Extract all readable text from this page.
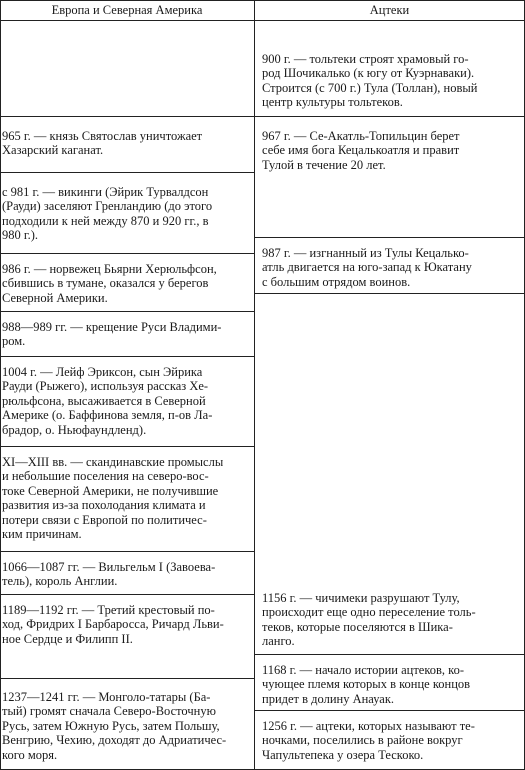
Европа и Северная Америка	Ацтеки
965 г. — князь Святослав уничтожает
Хазарский каганат.
с 981 г. — викинги (Эйрик Турвалдсон
(Рауди) заселяют Гренландию (до этого
подходили к ней между 870 и 920 гг., в
980 г.).
986 г. — норвежец Бьярни Херюльфсон,
сбившись в тумане, оказался у берегов
Северной Америки.
988—989 гг. — крещение Руси Владими-
ром.
1004 г. — Лейф Эриксон, сын Эйрика
Рауди (Рыжего), используя рассказ Хе-
рюльфсона, высаживается в Северной
Америке (о. Баффинова земля, п-ов Ла-
брадор, о. Ньюфаундленд).
XI—XIII вв. — скандинавские промыслы
и небольшие поселения на северо-вос-
токе Северной Америки, не получившие
развития из-за похолодания климата и
потери связи с Европой по политичес-
ким причинам.
1066—1087 гг. — Вильгельм I (Завоева-
тель), король Англии.
1189—1192 гг. — Третий крестовый по-
ход, Фридрих I Барбаросса, Ричард Льви-
ное Сердце и Филипп II.
1237—1241 гг. — Монголо-татары (Ба-
тый) громят сначала Северо-Восточную
Русь, затем Южную Русь, затем Польшу,
Венгрию, Чехию, доходят до Адриатичес-
кого моря.
900 г. — тольтеки строят храмовый го-
род Шочикалько (к югу от Куэрнаваки).
Строится (с 700 г.) Тула (Толлан), новый
центр культуры тольтеков.
967 г. — Се-Акатль-Топильцин берет
себе имя бога Кецалькоатля и правит
Тулой в течение 20 лет.
987 г. — изгнанный из Тулы Кецалько-
атль двигается на юго-запад к Юкатану
с большим отрядом воинов.
1156 г. — чичимеки разрушают Тулу,
происходит еще одно переселение толь-
теков, которые поселяются в Шика-
ланго.
1168 г. — начало истории ацтеков, ко-
чующее племя которых в конце концов
придет в долину Анауак.
1256 г. — ацтеки, которых называют те-
ночками, поселились в районе вокруг
Чапультепека у озера Тескоко.
